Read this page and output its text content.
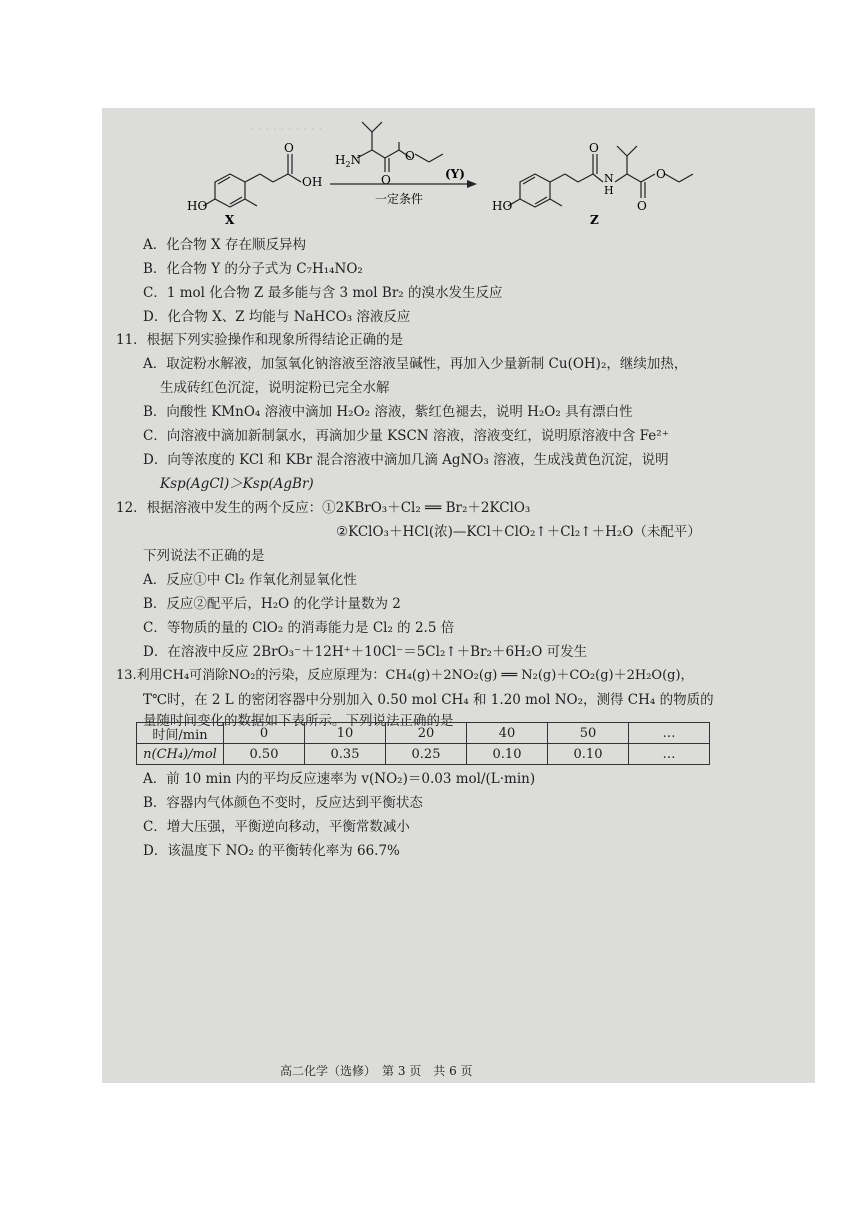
· · · · · · · · · ·
HO
O
OH
X
$H_2N$
O
O
(Y)
一定条件	HO
O
N
H
O
O
Z
A．化合物 X 存在顺反异构
B．化合物 Y 的分子式为 C₇H₁₄NO₂
C．1 mol 化合物 Z 最多能与含 3 mol Br₂ 的溴水发生反应
D．化合物 X、Z 均能与 NaHCO₃ 溶液反应
11．根据下列实验操作和现象所得结论正确的是
A．取淀粉水解液，加氢氧化钠溶液至溶液呈碱性，再加入少量新制 Cu(OH)₂，继续加热，
生成砖红色沉淀，说明淀粉已完全水解
B．向酸性 KMnO₄ 溶液中滴加 H₂O₂ 溶液，紫红色褪去，说明 H₂O₂ 具有漂白性
C．向溶液中滴加新制氯水，再滴加少量 KSCN 溶液，溶液变红，说明原溶液中含 Fe²⁺
D．向等浓度的 KCl 和 KBr 混合溶液中滴加几滴 AgNO₃ 溶液，生成浅黄色沉淀，说明
Ksp(AgCl)＞Ksp(AgBr)
12．根据溶液中发生的两个反应：①2KBrO₃＋Cl₂ ══ Br₂＋2KClO₃
②KClO₃＋HCl(浓)—KCl＋ClO₂↑＋Cl₂↑＋H₂O（未配平）
下列说法不正确的是
A．反应①中 Cl₂ 作氧化剂显氧化性
B．反应②配平后，H₂O 的化学计量数为 2
C．等物质的量的 ClO₂ 的消毒能力是 Cl₂ 的 2.5 倍
D．在溶液中反应 2BrO₃⁻＋12H⁺＋10Cl⁻＝5Cl₂↑＋Br₂＋6H₂O 可发生
13.利用CH₄可消除NO₂的污染，反应原理为：CH₄(g)＋2NO₂(g) ══ N₂(g)＋CO₂(g)＋2H₂O(g)，
T℃时，在 2 L 的密闭容器中分别加入 0.50 mol CH₄ 和 1.20 mol NO₂，测得 CH₄ 的物质的
量随时间变化的数据如下表所示。下列说法正确的是
时间/min	0	10	20	40	50	…
n(CH₄)/mol	0.50	0.35	0.25	0.10	0.10	…
A．前 10 min 内的平均反应速率为 v(NO₂)＝0.03 mol/(L·min)
B．容器内气体颜色不变时，反应达到平衡状态
C．增大压强，平衡逆向移动，平衡常数减小
D．该温度下 NO₂ 的平衡转化率为 66.7%
高二化学（选修）　第 3 页　共 6 页
